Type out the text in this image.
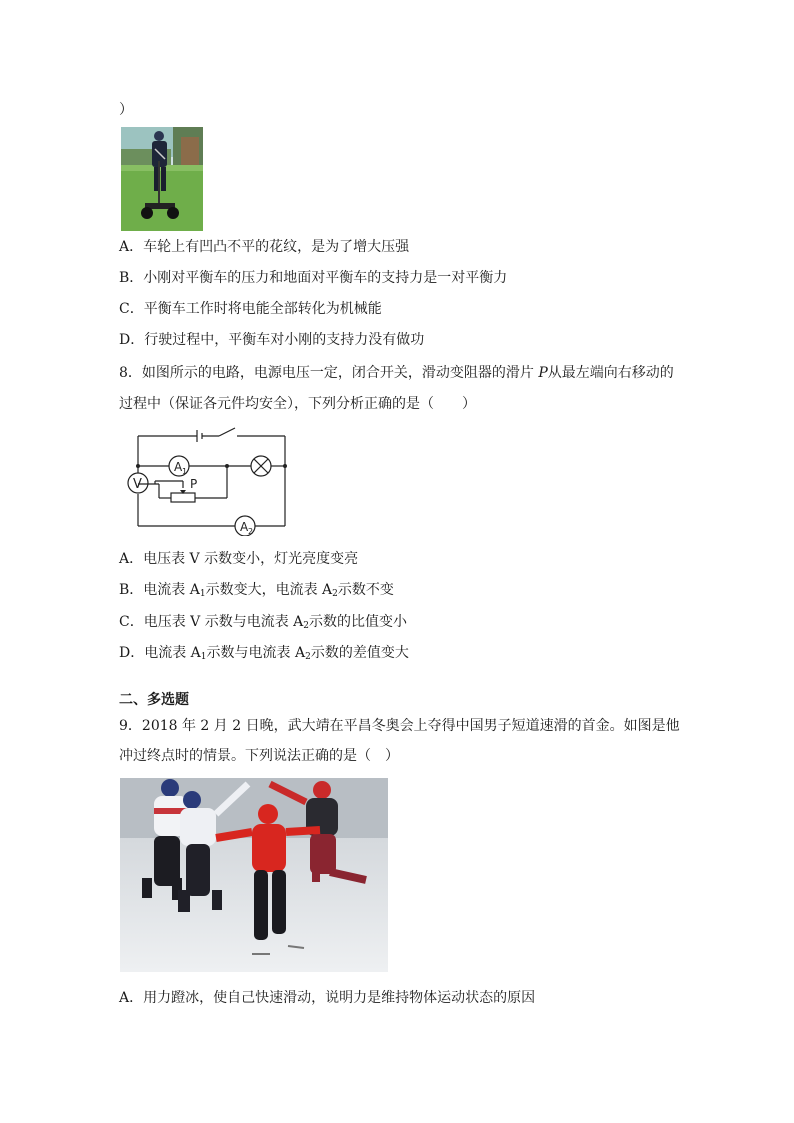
）
A．车轮上有凹凸不平的花纹，是为了增大压强
B．小刚对平衡车的压力和地面对平衡车的支持力是一对平衡力
C．平衡车工作时将电能全部转化为机械能
D．行驶过程中，平衡车对小刚的支持力没有做功
8．如图所示的电路，电源电压一定，闭合开关，滑动变阻器的滑片 P从最左端向右移动的
过程中（保证各元件均安全），下列分析正确的是（　　）
V
A 1
A 2
P
A．电压表 V 示数变小，灯光亮度变亮
B．电流表 $A_1$示数变大，电流表 $A_2$示数不变
C．电压表 V 示数与电流表 $A_2$示数的比值变小
D．电流表 $A_1$示数与电流表 $A_2$示数的差值变大
二、多选题
9．2018 年 2 月 2 日晚，武大靖在平昌冬奥会上夺得中国男子短道速滑的首金。如图是他
冲过终点时的情景。下列说法正确的是（　）
A．用力蹬冰，使自己快速滑动，说明力是维持物体运动状态的原因
